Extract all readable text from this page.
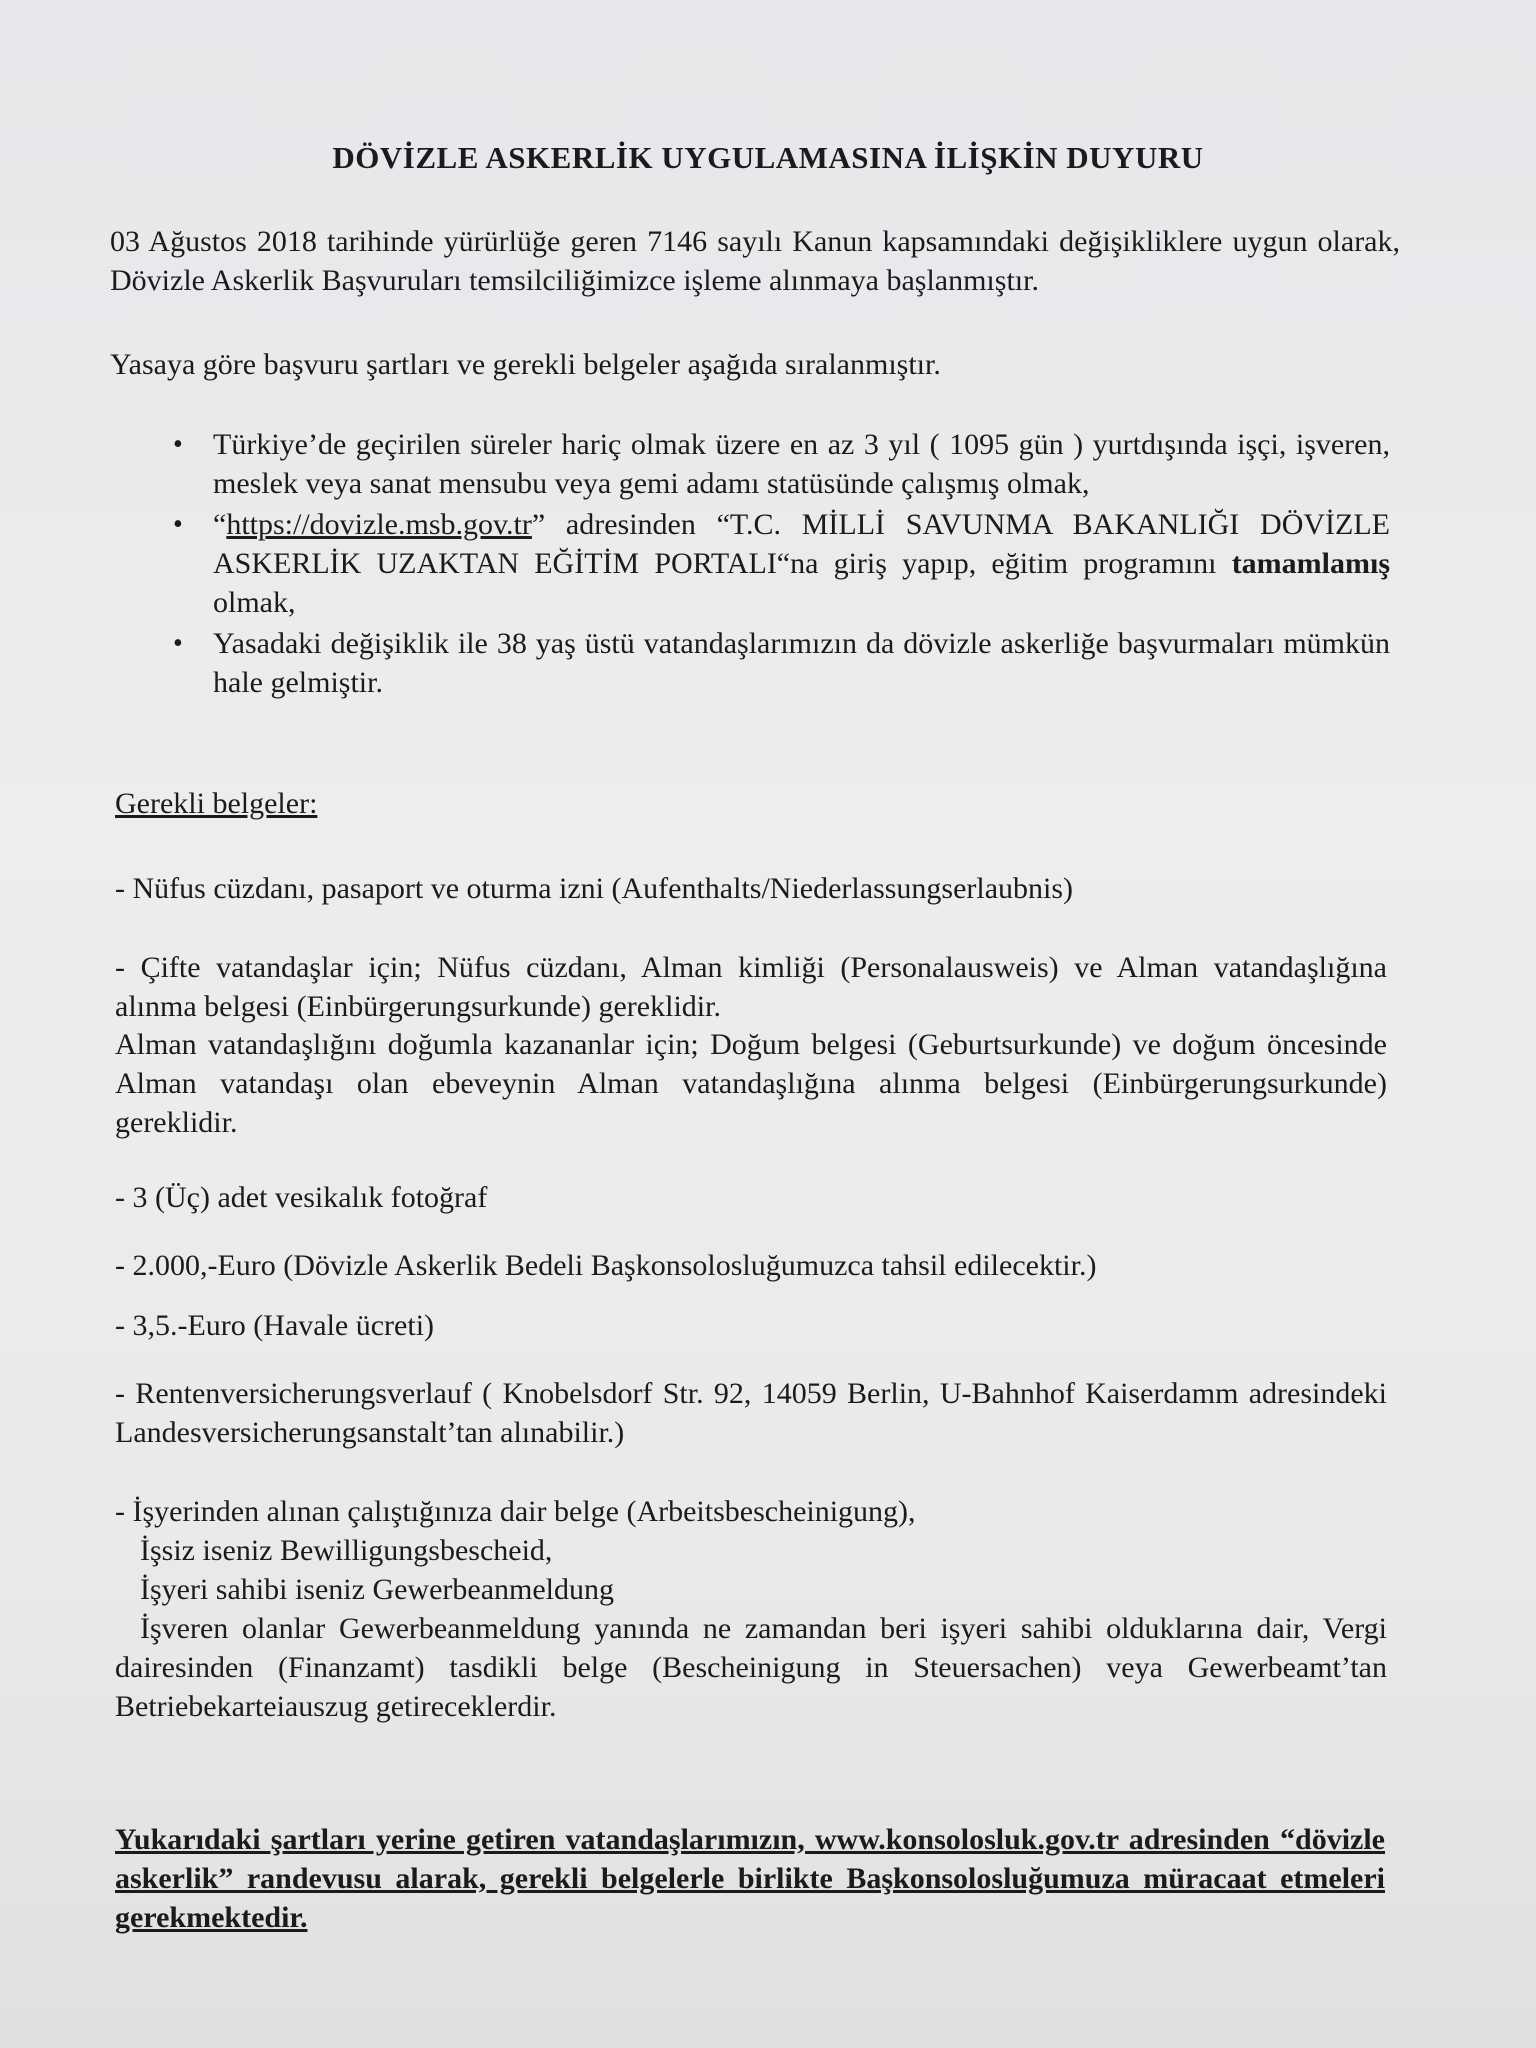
DÖVİZLE ASKERLİK UYGULAMASINA İLİŞKİN DUYURU
03 Ağustos 2018 tarihinde yürürlüğe geren 7146 sayılı Kanun kapsamındaki değişikliklere uygun olarak, Dövizle Askerlik Başvuruları temsilciliğimizce işleme alınmaya başlanmıştır.
Yasaya göre başvuru şartları ve gerekli belgeler aşağıda sıralanmıştır.
• Türkiye’de geçirilen süreler hariç olmak üzere en az 3 yıl ( 1095 gün ) yurtdışında işçi, işveren, meslek veya sanat mensubu veya gemi adamı statüsünde çalışmış olmak,
• “https://dovizle.msb.gov.tr” adresinden “T.C. MİLLİ SAVUNMA BAKANLIĞI DÖVİZLE ASKERLİK UZAKTAN EĞİTİM PORTALI“na giriş yapıp, eğitim programını tamamlamış olmak,
• Yasadaki değişiklik ile 38 yaş üstü vatandaşlarımızın da dövizle askerliğe başvurmaları mümkün hale gelmiştir.
Gerekli belgeler:
- Nüfus cüzdanı, pasaport ve oturma izni (Aufenthalts/Niederlassungserlaubnis)
- Çifte vatandaşlar için; Nüfus cüzdanı, Alman kimliği (Personalausweis) ve Alman vatandaşlığına alınma belgesi (Einbürgerungsurkunde) gereklidir.
Alman vatandaşlığını doğumla kazananlar için; Doğum belgesi (Geburtsurkunde) ve doğum öncesinde Alman vatandaşı olan ebeveynin Alman vatandaşlığına alınma belgesi (Einbürgerungsurkunde) gereklidir.
- 3 (Üç) adet vesikalık fotoğraf
- 2.000,-Euro (Dövizle Askerlik Bedeli Başkonsolosluğumuzca tahsil edilecektir.)
- 3,5.-Euro (Havale ücreti)
- Rentenversicherungsverlauf ( Knobelsdorf Str. 92, 14059 Berlin, U-Bahnhof Kaiserdamm adresindeki Landesversicherungsanstalt’tan alınabilir.)
- İşyerinden alınan çalıştığınıza dair belge (Arbeitsbescheinigung),
İşsiz iseniz Bewilligungsbescheid,
İşyeri sahibi iseniz Gewerbeanmeldung
İşveren olanlar Gewerbeanmeldung yanında ne zamandan beri işyeri sahibi olduklarına dair, Vergi dairesinden (Finanzamt) tasdikli belge (Bescheinigung in Steuersachen) veya Gewerbeamt’tan Betriebekarteiauszug getireceklerdir.
Yukarıdaki şartları yerine getiren vatandaşlarımızın, www.konsolosluk.gov.tr adresinden “dövizle askerlik” randevusu alarak, gerekli belgelerle birlikte Başkonsolosluğumuza müracaat etmeleri gerekmektedir.
